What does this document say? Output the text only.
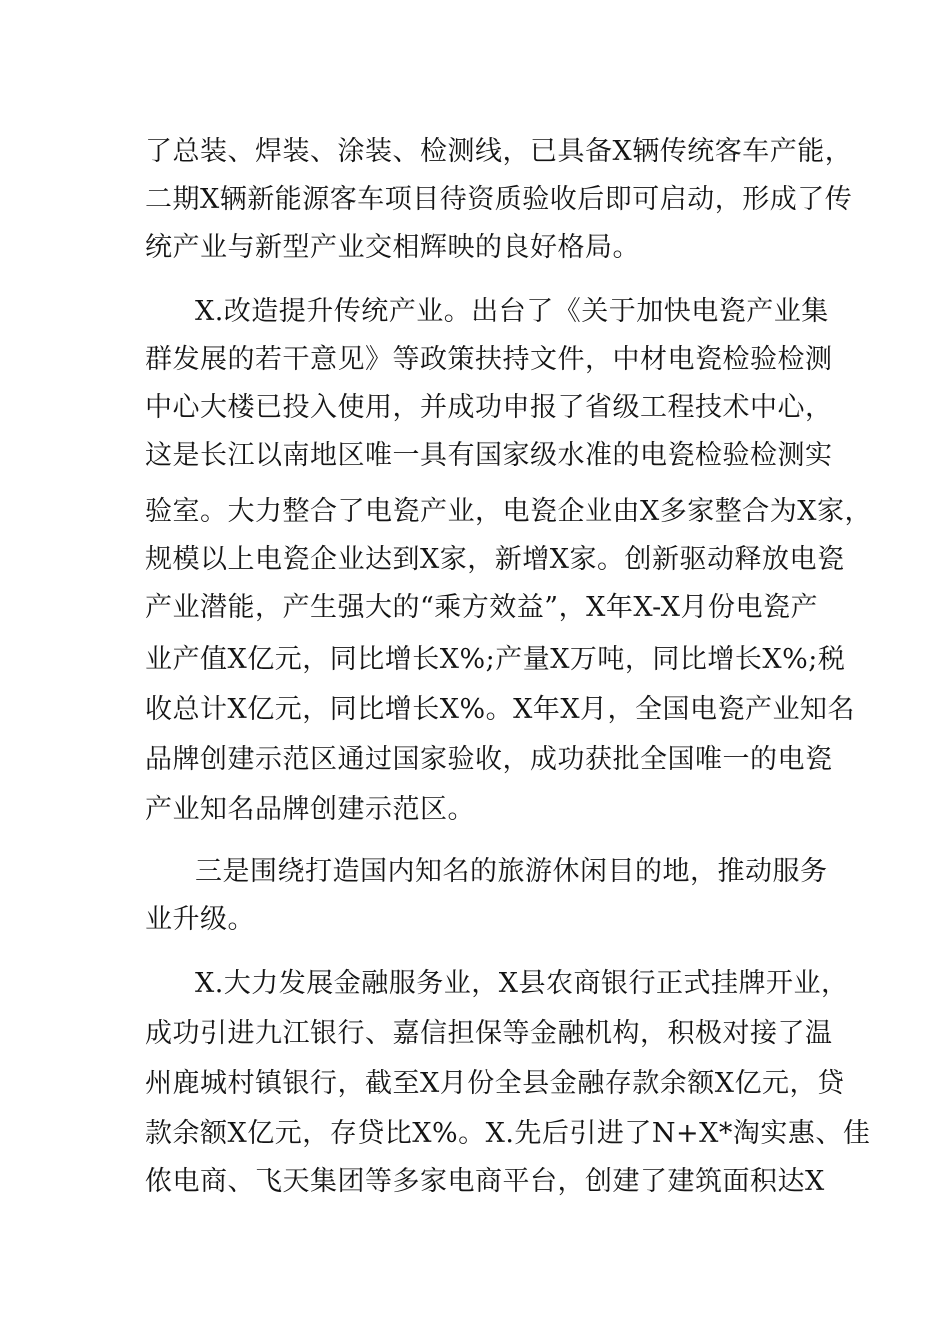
了总装、焊装、涂装、检测线，已具备X辆传统客车产能，

二期X辆新能源客车项目待资质验收后即可启动，形成了传

统产业与新型产业交相辉映的良好格局。

X.改造提升传统产业。出台了《关于加快电瓷产业集

群发展的若干意见》等政策扶持文件，中材电瓷检验检测

中心大楼已投入使用，并成功申报了省级工程技术中心，

这是长江以南地区唯一具有国家级水准的电瓷检验检测实

验室。大力整合了电瓷产业，电瓷企业由X多家整合为X家，

规模以上电瓷企业达到X家，新增X家。创新驱动释放电瓷

产业潜能，产生强大的“乘方效益”，X年X-X月份电瓷产

业产值X亿元，同比增长X%;产量X万吨，同比增长X%;税

收总计X亿元，同比增长X%。X年X月，全国电瓷产业知名

品牌创建示范区通过国家验收，成功获批全国唯一的电瓷

产业知名品牌创建示范区。

三是围绕打造国内知名的旅游休闲目的地，推动服务

业升级。

X.大力发展金融服务业，X县农商银行正式挂牌开业，

成功引进九江银行、嘉信担保等金融机构，积极对接了温

州鹿城村镇银行，截至X月份全县金融存款余额X亿元，贷

款余额X亿元，存贷比X%。X.先后引进了N+X*淘实惠、佳

侬电商、飞天集团等多家电商平台，创建了建筑面积达X
